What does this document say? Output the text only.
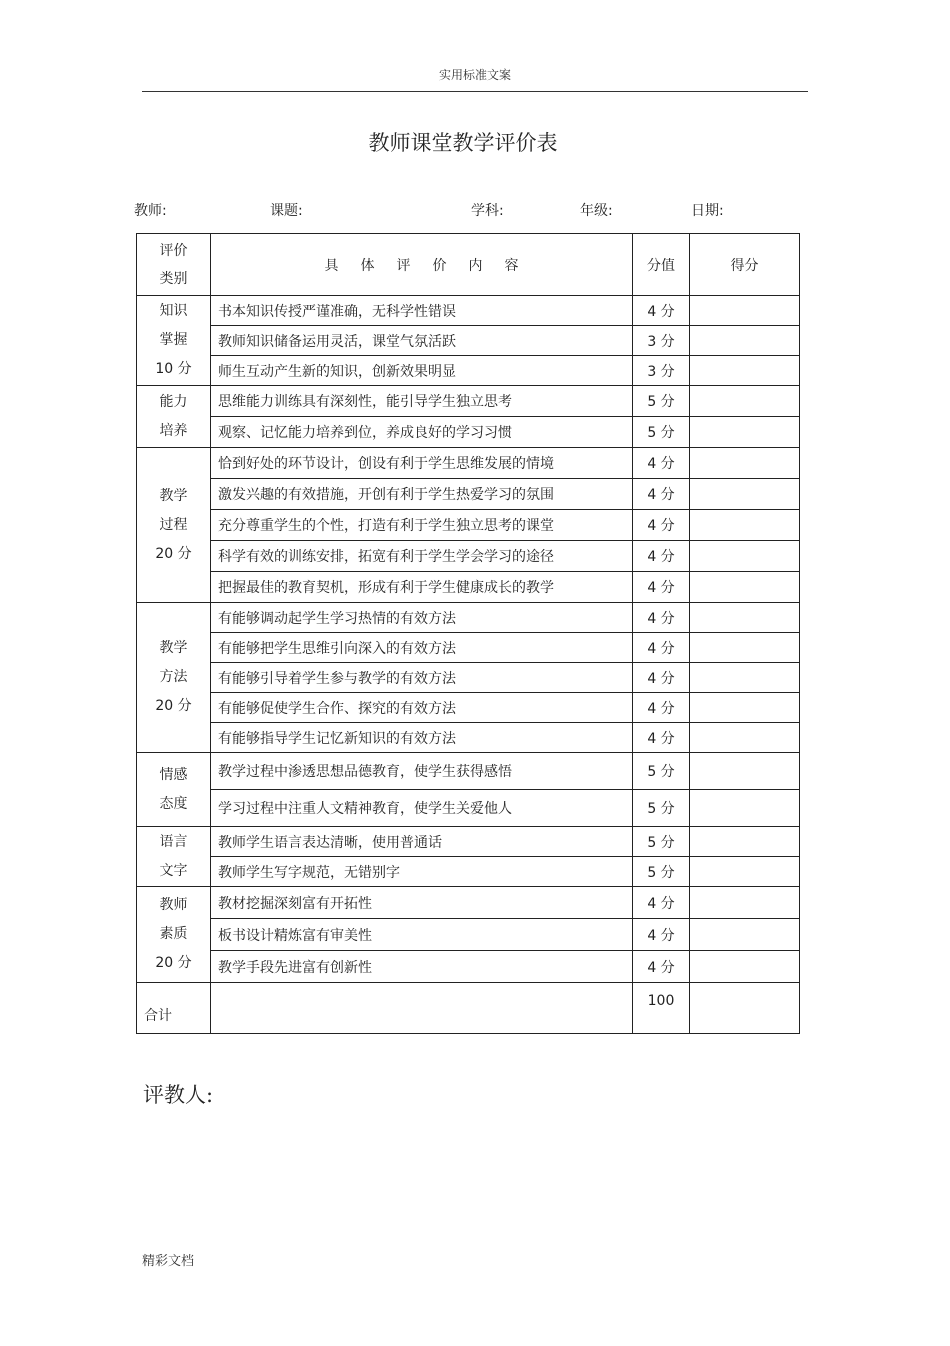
实用标准文案
教师课堂教学评价表
教师:	课题:	学科:	年级:	日期:
评价
类别	具 体 评 价 内 容	分值	得分

知识
掌握
10 分	书本知识传授严谨准确，无科学性错误	4 分	
	教师知识储备运用灵活，课堂气氛活跃	3 分	
	师生互动产生新的知识，创新效果明显	3 分	

能力
培养	思维能力训练具有深刻性，能引导学生独立思考	5 分	
	观察、记忆能力培养到位，养成良好的学习习惯	5 分	

教学
过程
20 分	恰到好处的环节设计，创设有利于学生思维发展的情境	4 分	
	激发兴趣的有效措施，开创有利于学生热爱学习的氛围	4 分	
	充分尊重学生的个性，打造有利于学生独立思考的课堂	4 分	
	科学有效的训练安排，拓宽有利于学生学会学习的途径	4 分	
	把握最佳的教育契机，形成有利于学生健康成长的教学	4 分	

教学
方法
20 分	有能够调动起学生学习热情的有效方法	4 分	
	有能够把学生思维引向深入的有效方法	4 分	
	有能够引导着学生参与教学的有效方法	4 分	
	有能够促使学生合作、探究的有效方法	4 分	
	有能够指导学生记忆新知识的有效方法	4 分	

情感
态度	教学过程中渗透思想品德教育，使学生获得感悟	5 分	
	学习过程中注重人文精神教育，使学生关爱他人	5 分	

语言
文字	教师学生语言表达清晰，使用普通话	5 分	
	教师学生写字规范，无错别字	5 分	

教师
素质
20 分	教材挖掘深刻富有开拓性	4 分	
	板书设计精炼富有审美性	4 分	
	教学手段先进富有创新性	4 分	
合计		100	
评教人:
精彩文档
